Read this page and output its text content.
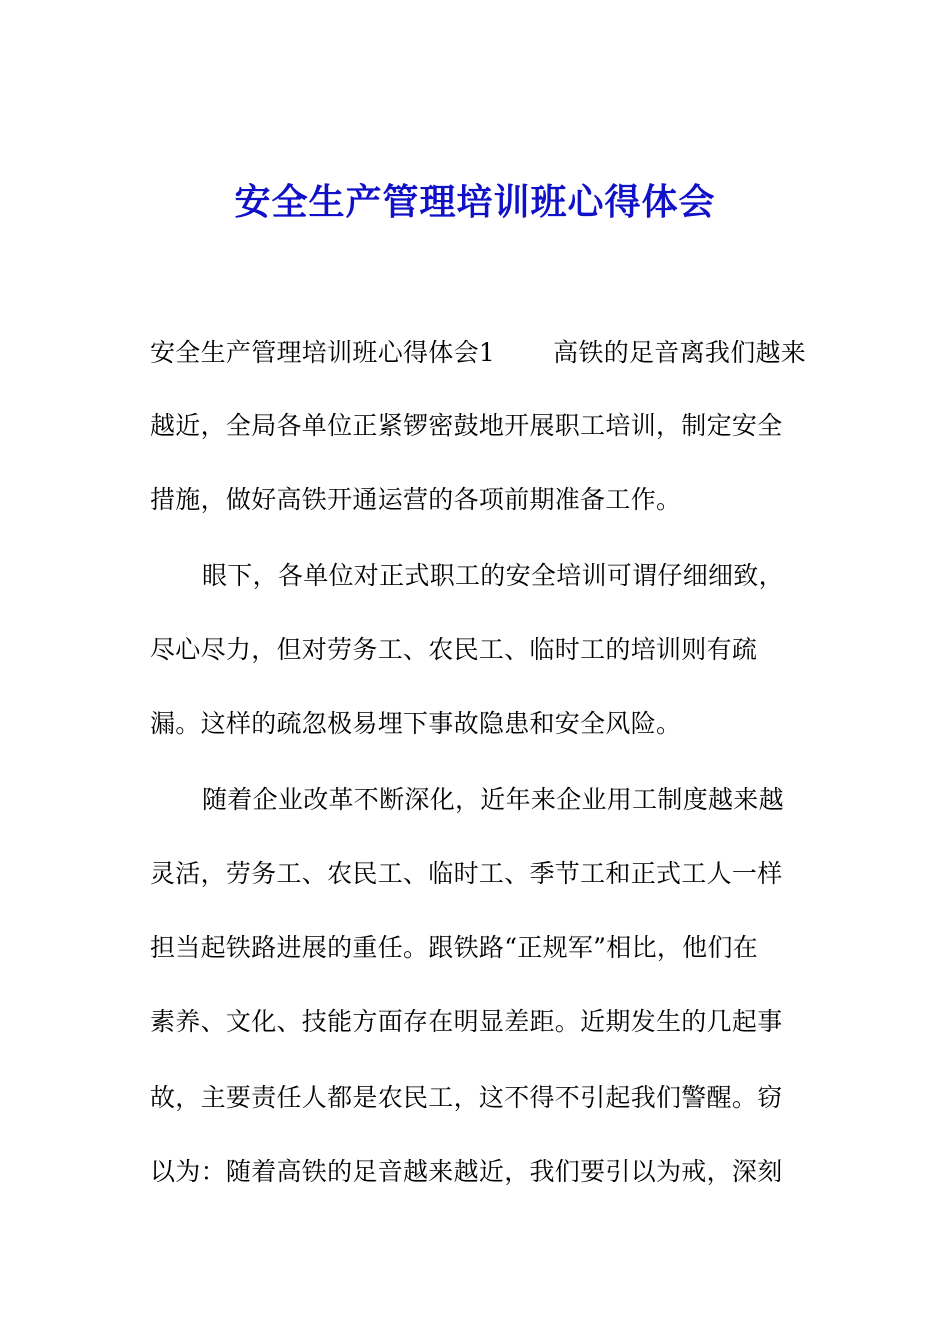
安全生产管理培训班心得体会
安全生产管理培训班心得体会1 高铁的足音离我们越来
越近，全局各单位正紧锣密鼓地开展职工培训，制定安全
措施，做好高铁开通运营的各项前期准备工作。
眼下，各单位对正式职工的安全培训可谓仔细细致，
尽心尽力，但对劳务工、农民工、临时工的培训则有疏
漏。这样的疏忽极易埋下事故隐患和安全风险。
随着企业改革不断深化，近年来企业用工制度越来越
灵活，劳务工、农民工、临时工、季节工和正式工人一样
担当起铁路进展的重任。跟铁路“正规军”相比，他们在
素养、文化、技能方面存在明显差距。近期发生的几起事
故，主要责任人都是农民工，这不得不引起我们警醒。窃
以为：随着高铁的足音越来越近，我们要引以为戒，深刻
